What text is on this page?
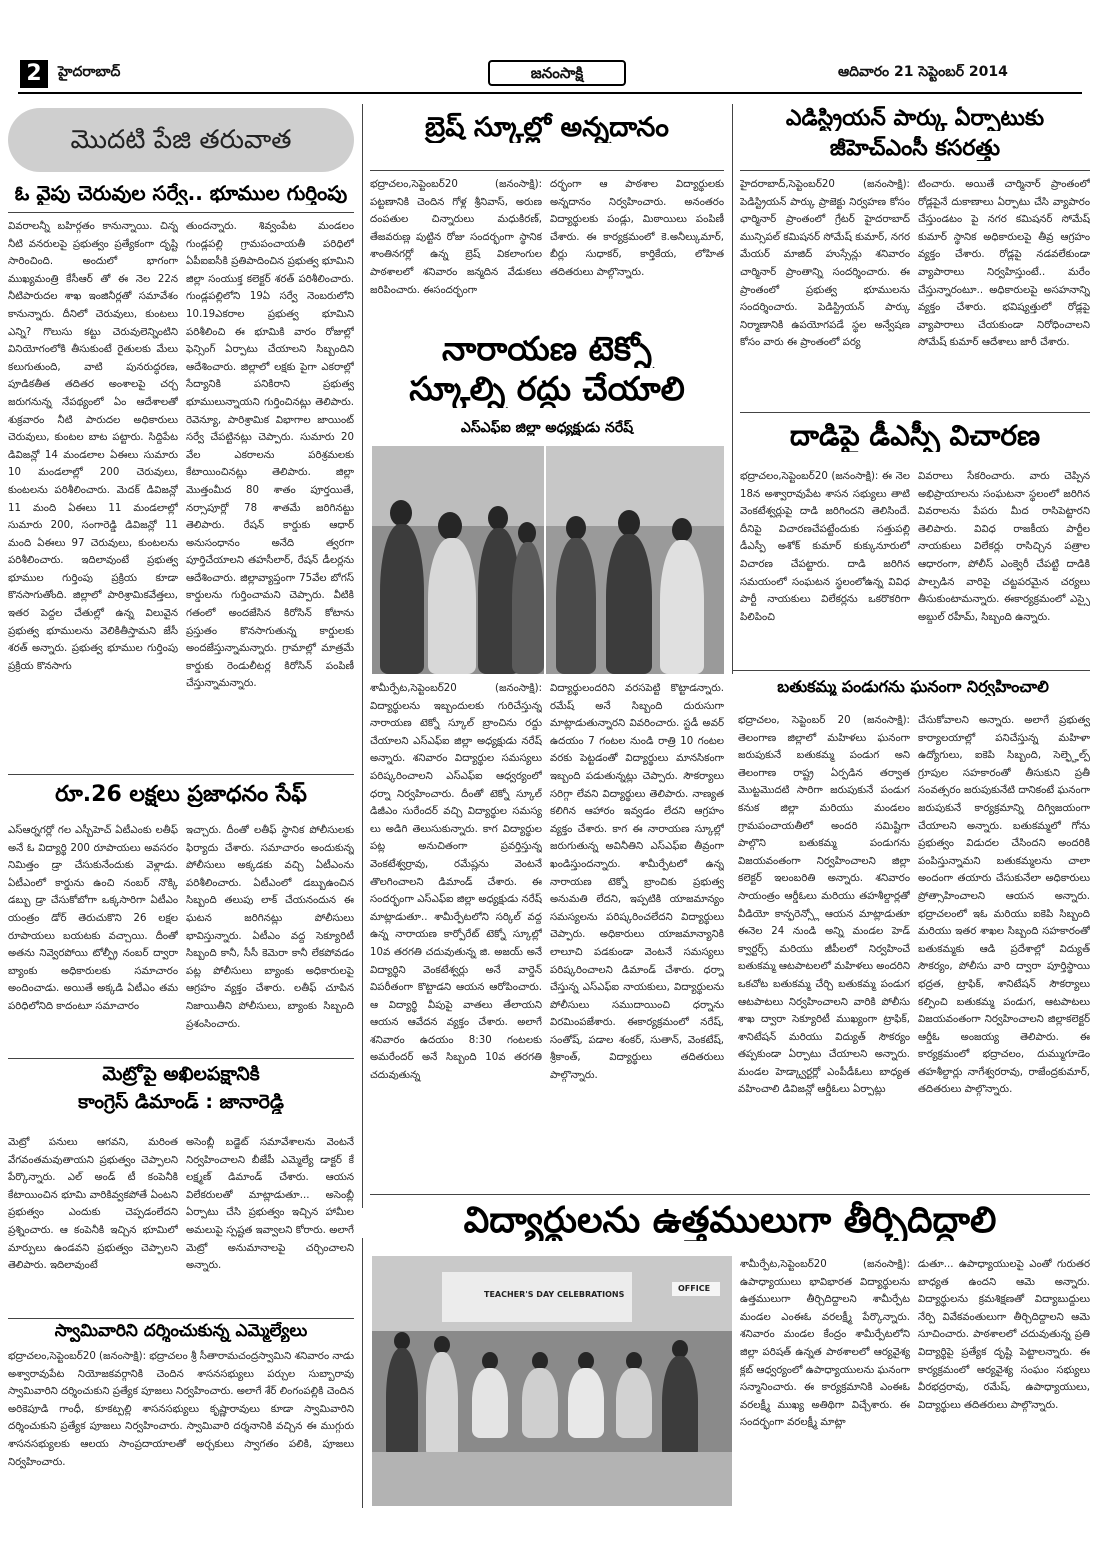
2	హైదరాబాద్	జనంసాక్షి	ఆదివారం 21 సెప్టెంబర్ 2014
మొదటి పేజి తరువాత
ఓ వైపు చెరువుల సర్వే.. భూముల గుర్తింపు
వివరాలన్నీ బహిర్గతం కానున్నాయి. చిన్న నీటి వనరులపై ప్రభుత్వం ప్రత్యేకంగా దృష్టి సారించింది. అందులో భాగంగా ముఖ్యమంత్రి కేసీఆర్ తో ఈ నెల 22న నీటిపారుదల శాఖ ఇంజినీర్లతో సమావేశం కానున్నారు. దీనిలో చెరువులు, కుంటలు ఎన్ని? గొలుసు కట్టు చెరువులెన్నింటిని వినియోగంలోకి తీసుకుంటే రైతులకు మేలు కలుగుతుంది, వాటి పునరుద్ధరణ, పూడికతీత తదితర అంశాలపై చర్చ జరుగనున్న నేపథ్యంలో ఏం ఆదేశాలతో శుక్రవారం నీటి పారుదల అధికారులు చెరువులు, కుంటల బాట పట్టారు. సిద్దిపేట డివిజన్లో 14 మండలాల ఏఈలు సుమారు 10 మండలాల్లో 200 చెరువులు, కుంటలను పరిశీలించారు. మెదక్ డివిజన్లో 11 మంది ఏఈలు 11 మండలాల్లో సుమారు 200, సంగారెడ్డి డివిజన్లో 11 మంది ఏఈలు 97 చెరువులు, కుంటలను పరిశీలించారు. ఇదిలావుంటే ప్రభుత్వ భూముల గుర్తింపు ప్రక్రియ కూడా కొనసాగుతోంది. జిల్లాలో పారిశ్రామికవేత్తలు, ఇతర పెద్దల చేతుల్లో ఉన్న విలువైన ప్రభుత్వ భూములను వెలికితీస్తామని జేసీ శరత్ అన్నారు. ప్రభుత్వ భూముల గుర్తింపు ప్రక్రియ కొనసాగు
తుందన్నారు. శివ్వంపేట మండలం గుండ్లపల్లి గ్రామపంచాయతీ పరిధిలో ఏపీఐఐసీకి ప్రతిపాదించిన ప్రభుత్వ భూమిని జిల్లా సంయుక్త కలెక్టర్ శరత్ పరిశీలించారు. గుండ్లపల్లిలోని 19ఏ సర్వే నెంబరులోని 10.19ఎకరాల ప్రభుత్వ భూమిని పరిశీలించి ఈ భూమికి వారం రోజుల్లో ఫెన్సింగ్ ఏర్పాటు చేయాలని సిబ్బందిని ఆదేశించారు. జిల్లాలో లక్షకు పైగా ఎకరాల్లో సేద్యానికి పనికిరాని ప్రభుత్వ భూములున్నాయని గుర్తించినట్లు తెలిపారు. రెవెన్యూ, పారిశ్రామిక విభాగాల జాయింట్ సర్వే చేపట్టినట్లు చెప్పారు. సుమారు 20 వేల ఎకరాలను పరిశ్రమలకు కేటాయించినట్లు తెలిపారు. జిల్లా మొత్తంమీద 80 శాతం పూర్తయితే, నర్సాపూర్లో 78 శాతమే జరిగినట్టు తెలిపారు. రేషన్ కార్డుకు ఆధార్ అనుసంధానం అనేది త్వరగా పూర్తిచేయాలని తహసీలార్, రేషన్ డీలర్లను ఆదేశించారు. జిల్లావ్యాప్తంగా 75వేల బోగస్ కార్డులను గుర్తించామని చెప్పారు. వీటికి గతంలో అందజేసిన కిరోసిన్ కోటాను ప్రస్తుతం కొనసాగుతున్న కార్డులకు అందజేస్తున్నామన్నారు. గ్రామాల్లో మాత్రమే కార్డుకు రెండులీటర్ల కిరోసిన్ పంపిణీ చేస్తున్నామన్నారు.
రూ.26 లక్షలు ప్రజాధనం సేఫ్
ఎస్ఆర్నగర్లో గల ఎస్బీహెచ్ ఏటీఎంకు లతీఫ్ అనే ఓ విద్యార్థి 200 రూపాయలు అవసరం నిమిత్తం డ్రా చేసుకునేందుకు వెళ్లాడు. ఏటీఎంలో కార్డును ఉంచి నంబర్ నొక్కి డబ్బు డ్రా చేసుకోబోగా ఒక్కసారిగా ఏటీఎం యంత్రం డోర్ తెరుచుకొని 26 లక్షల రూపాయలు బయటకు వచ్చాయి. దీంతో అతను నివ్వెరపోయి టోల్ఫ్రీ నంబర్ ద్వారా బ్యాంకు అధికారులకు సమాచారం అందించాడు. అయితే అక్కడి ఏటీఎం తమ పరిధిలోనిది కాదంటూ సమాచారం
ఇచ్చారు. దీంతో లతీఫ్ స్థానిక పోలీసులకు ఫిర్యాదు చేశారు. సమాచారం అందుకున్న పోలీసులు అక్కడకు వచ్చి ఏటీఎంను పరిశీలించారు. ఏటీఎంలో డబ్బుఉంచిన సిబ్బంది తలుపు లాక్ చేయనందున ఈ ఘటన జరిగినట్లు పోలీసులు భావిస్తున్నారు. ఏటీఎం వద్ద సెక్యూరిటీ సిబ్బంది కానీ, సీసీ కెమెరా కానీ లేకపోవడం పట్ల పోలీసులు బ్యాంకు అధికారులపై ఆగ్రహం వ్యక్తం చేశారు. లతీఫ్ చూపిన నిజాయితీని పోలీసులు, బ్యాంకు సిబ్బంది ప్రశంసించారు.
మెట్రోపై అఖిలపక్షానికి
కాంగ్రెస్ డిమాండ్ : జానారెడ్డి
మెట్రో పనులు ఆగవని, మరింత వేగవంతమవుతాయని ప్రభుత్వం చెప్పాలని పేర్కొన్నారు. ఎల్ అండ్ టీ కంపెనీకి కేటాయించిన భూమి వారికివ్వకపోతే ఏంటని ప్రభుత్వం ఎందుకు చెప్పడంలేదని ప్రశ్నించారు. ఆ కంపెనీకి ఇచ్చిన భూమిలో మార్పులు ఉండవని ప్రభుత్వం చెప్పాలని తెలిపారు. ఇదిలావుంటే
అసెంబ్లీ బడ్జెట్ సమావేశాలను వెంటనే నిర్వహించాలని బీజేపీ ఎమ్మెల్యే డాక్టర్ కే లక్ష్మణ్ డిమాండ్ చేశారు. ఆయన విలేకరులతో మాట్లాడుతూ... అసెంబ్లీ ఏర్పాటు చేసి ప్రభుత్వం ఇచ్చిన హామీల అమలుపై స్పష్టత ఇవ్వాలని కోరారు. అలాగే మెట్రో అనుమానాలపై చర్చించాలని అన్నారు.
స్వామివారిని దర్శించుకున్న ఎమ్మెల్యేలు
భద్రాచలం,సెప్టెంబర్20 (జనంసాక్షి): భద్రాచలం శ్రీ సీతారామచంద్రస్వామిని శనివారం నాడు అశ్వారావుపేట నియోజకవర్గానికి చెందిన శాసనసభ్యులు పర్చుల సుబ్బారావు స్వామివారిని దర్శించుకుని ప్రత్యేక పూజలు నిర్వహించారు. అలాగే శేర్ లింగంపల్లికి చెందిన అరికెపూడి గాంధీ, కూకట్పల్లి శాసనసభ్యులు కృష్ణారావులు కూడా స్వామివారిని దర్శించుకుని ప్రత్యేక పూజలు నిర్వహించారు. స్వామివారి దర్శనానికి వచ్చిన ఈ ముగ్గురు శాసనసభ్యులకు ఆలయ సాంప్రదాయాలతో అర్చకులు స్వాగతం పలికి, పూజలు నిర్వహించారు.
బ్రెష్ స్కూల్లో అన్నదానం
భద్రాచలం,సెప్టెంబర్20 (జనంసాక్షి): పట్టణానికి చెందిన గోళ్ల శ్రీనివాస్, అరుణ దంపతుల చిన్నారులు మధుకిరణ్, తేజవరుణ్ల పుట్టిన రోజు సందర్భంగా స్థానిక శాంతినగర్లో ఉన్న బ్రెష్ వికలాంగుల పాఠశాలలో శనివారం జన్మదిన వేడుకలు జరిపించారు. ఈసందర్భంగా
దర్భంగా ఆ పాఠశాల విద్యార్థులకు అన్నదానం నిర్వహించారు. అనంతరం విద్యార్థులకు పండ్లు, మిఠాయిలు పంపిణీ చేశారు. ఈ కార్యక్రమంలో కె.అనీల్కుమార్, బీర్లు సుధాకర్, కార్తికేయ, లోహిత తదితరులు పాల్గొన్నారు.
నారాయణ టెక్నో
స్కూల్ని రద్దు చేయాలి
ఎస్ఎఫ్ఐ జిల్లా అధ్యక్షుడు నరేష్
శామీర్పేట,సెప్టెంబర్20 (జనంసాక్షి): విద్యార్థులను ఇబ్బందులకు గురిచేస్తున్న నారాయణ టెక్నో స్కూల్ బ్రాంచిను రద్దు చేయాలని ఎస్ఎఫ్ఐ జిల్లా అధ్యక్షుడు నరేష్ అన్నారు. శనివారం విద్యార్థుల సమస్యలు పరిష్కరించాలని ఎస్ఎఫ్ఐ ఆధ్వర్యంలో ధర్నా నిర్వహించారు. దీంతో టెక్నో స్కూల్ డిజీఎం సురేందర్ వచ్చి విద్యార్థుల సమస్య లు అడిగి తెలుసుకున్నారు. కాగ విద్యార్థుల పట్ల అనుచితంగా ప్రవర్తిస్తున్న వెంకటేశ్వర్రావు, రమేష్లను వెంటనే తొలగించాలని డిమాండ్ చేశారు. ఈ సందర్భంగా ఎస్ఎఫ్ఐ జిల్లా అధ్యక్షుడు నరేష్ మాట్లాడుతూ.. శామీర్పేటలోని సర్కిల్ వద్ద ఉన్న నారాయణ కార్పోరేట్ టెక్నో స్కూల్లో 10వ తరగతి చదువుతున్న జి. అజయ్ అనే విద్యార్థిని వెంకటేశ్వర్లు అనే వార్డెన్ విపరీతంగా కొట్టాడని ఆయన ఆరోపించారు. ఆ విద్యార్థి వీపుపై వాతలు తేలాయని ఆయన ఆవేదన వ్యక్తం చేశారు. అలాగే శనివారం ఉదయం 8:30 గంటలకు అమరేందర్ అనే సిబ్బంది 10వ తరగతి చదువుతున్న
విద్యార్థులందరిని వరసపెట్టి కొట్టాడన్నారు. రమేష్ అనే సిబ్బంది దురుసుగా మాట్లాడుతున్నారని వివరించారు. స్టడీ అవర్ ఉదయం 7 గంటల నుండి రాత్రి 10 గంటల వరకు పెట్టడంతో విద్యార్థులు మానసికంగా ఇబ్బంది పడుతున్నట్లు చెప్పారు. సౌకర్యాలు సరిగ్గా లేవని విద్యార్థులు తెలిపారు. నాణ్యత కలిగిన ఆహారం ఇవ్వడం లేదని ఆగ్రహం వ్యక్తం చేశారు. కాగ ఈ నారాయణ స్కూల్లో జరుగుతున్న అవినీతిని ఎస్ఎఫ్ఐ తీవ్రంగా ఖండిస్తుందన్నారు. శామీర్పేటలో ఉన్న నారాయణ టెక్నో బ్రాంచికు ప్రభుత్వ అనుమతి లేదని, ఇప్పటికి యాజమాన్యం సమస్యలను పరిష్కరించలేదని విద్యార్థులు చెప్పారు. అధికారులు యాజమాన్యానికి లాలూచి పడకుండా వెంటనే సమస్యలు పరిష్కరించాలని డిమాండ్ చేశారు. ధర్నా చేస్తున్న ఎస్ఎఫ్ఐ నాయకులు, విద్యార్థులను పోలీసులు సముదాయించి ధర్నాను విరమింపజేశారు. ఈకార్యక్రమంలో నరేష్, సంతోష్, పడాల శంకర్, సుతాన్, వెంకటేష్, శ్రీకాంత్, విద్యార్థులు తదితరులు పాల్గొన్నారు.
ఎడిస్ట్రియన్ పార్కు ఏర్పాటుకు
జీహెచ్ఎంసీ కసరత్తు
హైదరాబాద్,సెప్టెంబర్20 (జనంసాక్షి): పెడిస్ట్రియన్ పార్కు ప్రాజెక్టు నిర్వహణ కోసం ఛార్మినార్ ప్రాంతంలో గ్రేటర్ హైదరాబాద్ మున్సిపల్ కమిషనర్ సోమేష్ కుమార్, నగర మేయర్ మాజిద్ హుస్సేన్లు శనివారం చార్మినార్ ప్రాంతాన్ని సందర్శించారు. ఈ ప్రాంతంలో ప్రభుత్వ భూములను సందర్శించారు. పెడిస్ట్రియన్ పార్కు నిర్మాణానికి ఉపయోగపడే స్థల అన్వేషణ కోసం వారు ఈ ప్రాంతంలో పర్య
టించారు. అయితే చార్మినార్ ప్రాంతంలో రోడ్లపైనే దుకాణాలు ఏర్పాటు చేసి వ్యాపారం చేస్తుండటం పై నగర కమిషనర్ సోమేష్ కుమార్ స్థానిక అధికారులపై తీవ్ర ఆగ్రహం వ్యక్తం చేశారు. రోడ్లపై నడవలేకుండా వ్యాపారాలు నిర్వహిస్తుంటే.. మరేం చేస్తున్నారంటూ.. అధికారులపై అసహనాన్ని వ్యక్తం చేశారు. భవిష్యత్తులో రోడ్లపై వ్యాపారాలు చేయకుండా నిరోధించాలని సోమేష్ కుమార్ ఆదేశాలు జారీ చేశారు.
దాడిపై డీఎస్పీ విచారణ
భద్రాచలం,సెప్టెంబర్20 (జనంసాక్షి): ఈ నెల 18న అశ్వారావుపేట శాసన సభ్యులు తాటి వెంకటేశ్వర్లుపై దాడి జరిగిందని తెలిసిందే. దీనిపై విచారణచేపట్టేందుకు సత్తుపల్లి డీఎస్పీ అశోక్ కుమార్ కుక్కునూరులో విచారణ చేపట్టారు. దాడి జరిగిన సమయంలో సంఘటన స్థలంలోఉన్న వివిధ పార్టీ నాయకులు విలేకర్లను ఒకరొకరిగా పిలిపించి
వివరాలు సేకరించారు. వారు చెప్పిన అభిప్రాయాలను సంఘటనా స్థలంలో జరిగిన వివరాలను పేపరు మీద రాసిపెట్టారని తెలిపారు. వివిధ రాజకీయ పార్టీల నాయకులు విలేకర్లు రాసిచ్చిన పత్రాల ఆధారంగా, పోలీస్ ఎంక్వెరీ చేపట్టి దాడికి పాల్పడిన వారిపై చట్టపరమైన చర్యలు తీసుకుంటామన్నారు. ఈకార్యక్రమంలో ఎస్సై అబ్దుల్ రహీమ్, సిబ్బంది ఉన్నారు.
బతుకమ్మ పండుగను ఘనంగా నిర్వహించాలి
భద్రాచలం, సెప్టెంబర్ 20 (జనంసాక్షి): తెలంగాణ జిల్లాలో మహిళలు ఘనంగా జరుపుకునే బతుకమ్మ పండుగ అని తెలంగాణ రాష్ట్ర ఏర్పడిన తర్వాత మొట్టమొదటి సారిగా జరుపుకునే పండుగ కనుక జిల్లా మరియు మండలం గ్రామపంచాయతీలో అందరి సమిష్టిగా పాల్గొని బతుకమ్మ పండుగను విజయవంతంగా నిర్వహించాలని జిల్లా కలెక్టర్ ఇలంబరితి అన్నారు. శనివారం సాయంత్రం ఆర్డీఓలు మరియు తహశీల్దార్లతో వీడియో కాన్ఫరెన్స్లో ఆయన మాట్లాడుతూ ఈనెల 24 నుండి అన్ని మండల హెడ్ క్వార్టర్స్ మరియు జీపీలలో నిర్వహించే బతుకమ్మ ఆటపాటలలో మహిళలు అందరిని ఒకచోట బతుకమ్మ చేర్చి బతుకమ్మ పండుగ ఆటపాటలు నిర్వహించాలని వారికి పోలీసు శాఖ ద్వారా సెక్యూరిటీ ముఖ్యంగా ట్రాఫిక్, శానిటేషన్ మరియు విద్యుత్ సౌకర్యం తప్పకుండా ఏర్పాటు చేయాలని అన్నారు. మండల హెడ్క్వార్టర్లో ఎంపీడీఓలు బాధ్యత వహించాలి డివిజన్లో ఆర్డీఓలు ఏర్పాట్లు
చేసుకోవాలని అన్నారు. అలాగే ప్రభుత్వ కార్యాలయాల్లో పనిచేస్తున్న మహిళా ఉద్యోగులు, ఐకెపి సిబ్బంది, సెల్ఫ్హెల్ప్ గ్రూపుల సహకారంతో తీసుకుని ప్రతీ సంవత్సరం జరుపుకునేటి దానికంటే ఘనంగా జరుపుకునే కార్యక్రమాన్ని దిగ్విజయంగా చేయాలని అన్నారు. బతుకమ్మలో గోను ప్రభుత్వం విడుదల చేసిందని అందరికి పంపిస్తున్నామని బతుకమ్మలను చాలా అందంగా తయారు చేసుకునేలా అధికారులు ప్రోత్సాహించాలని ఆయన అన్నారు. భద్రాచలంలో ఇఓ మరియు ఐకెపి సిబ్బంది మరియు ఇతర శాఖల సిబ్బంది సహకారంతో బతుకమ్మకు ఆడి ప్రదేశాల్లో విద్యుత్ సౌకర్యం, పోలీసు వారి ద్వారా పూర్తిస్థాయి భద్రత, ట్రాఫిక్, శానిటేషన్ సౌకర్యాలు కల్పించి బతుకమ్మ పండుగ, ఆటపాటలు విజయవంతంగా నిర్వహించాలని జిల్లాకలెక్టర్ ఆర్డీఓ అంజయ్య తెలిపారు. ఈ కార్యక్రమంలో భద్రాచలం, దుమ్ముగూడెం తహశీల్దార్లు నాగేశ్వరరావు, రాజేంద్రకుమార్, తదితరులు పాల్గొన్నారు.
విద్యార్థులను ఉత్తములుగా తీర్చిదిద్దాలి
TEACHER'S DAY CELEBRATIONS
OFFICE
శామీర్పేట,సెప్టెంబర్20 (జనంసాక్షి): ఉపాధ్యాయులు భావిభారత విద్యార్థులను ఉత్తములుగా తీర్చిదిద్దాలని శామీర్పేట మండల ఎంఈఓ వరలక్ష్మీ పేర్కొన్నారు. శనివారం మండల కేంద్రం శామీర్పేటలోని జిల్లా పరిషత్ ఉన్నత పాఠశాలలో ఆర్యవైశ్య క్లబ్ ఆధ్వర్యంలో ఉపాధ్యాయులను ఘనంగా సన్మానించారు. ఈ కార్యక్రమానికి ఎంఈఓ వరలక్ష్మీ ముఖ్య అతిథిగా విచ్చేశారు. ఈ సందర్భంగా వరలక్ష్మీ మాట్లా
డుతూ... ఉపాధ్యాయులపై ఎంతో గురుతర బాధ్యత ఉందని ఆమె అన్నారు. విద్యార్థులను క్రమశిక్షణతో విద్యాబుద్దులు నేర్పి వివేకవంతులుగా తీర్చిదిద్దాలని ఆమె సూచించారు. పాఠశాలలో చదువుతున్న ప్రతి విద్యార్థిపై ప్రత్యేక దృష్టి పెట్టాలన్నారు. ఈ కార్యక్రమంలో ఆర్యవైశ్య సంఘం సభ్యులు వీరభద్రరావు, రమేష్, ఉపాధ్యాయులు, విద్యార్థులు తదితరులు పాల్గొన్నారు.
